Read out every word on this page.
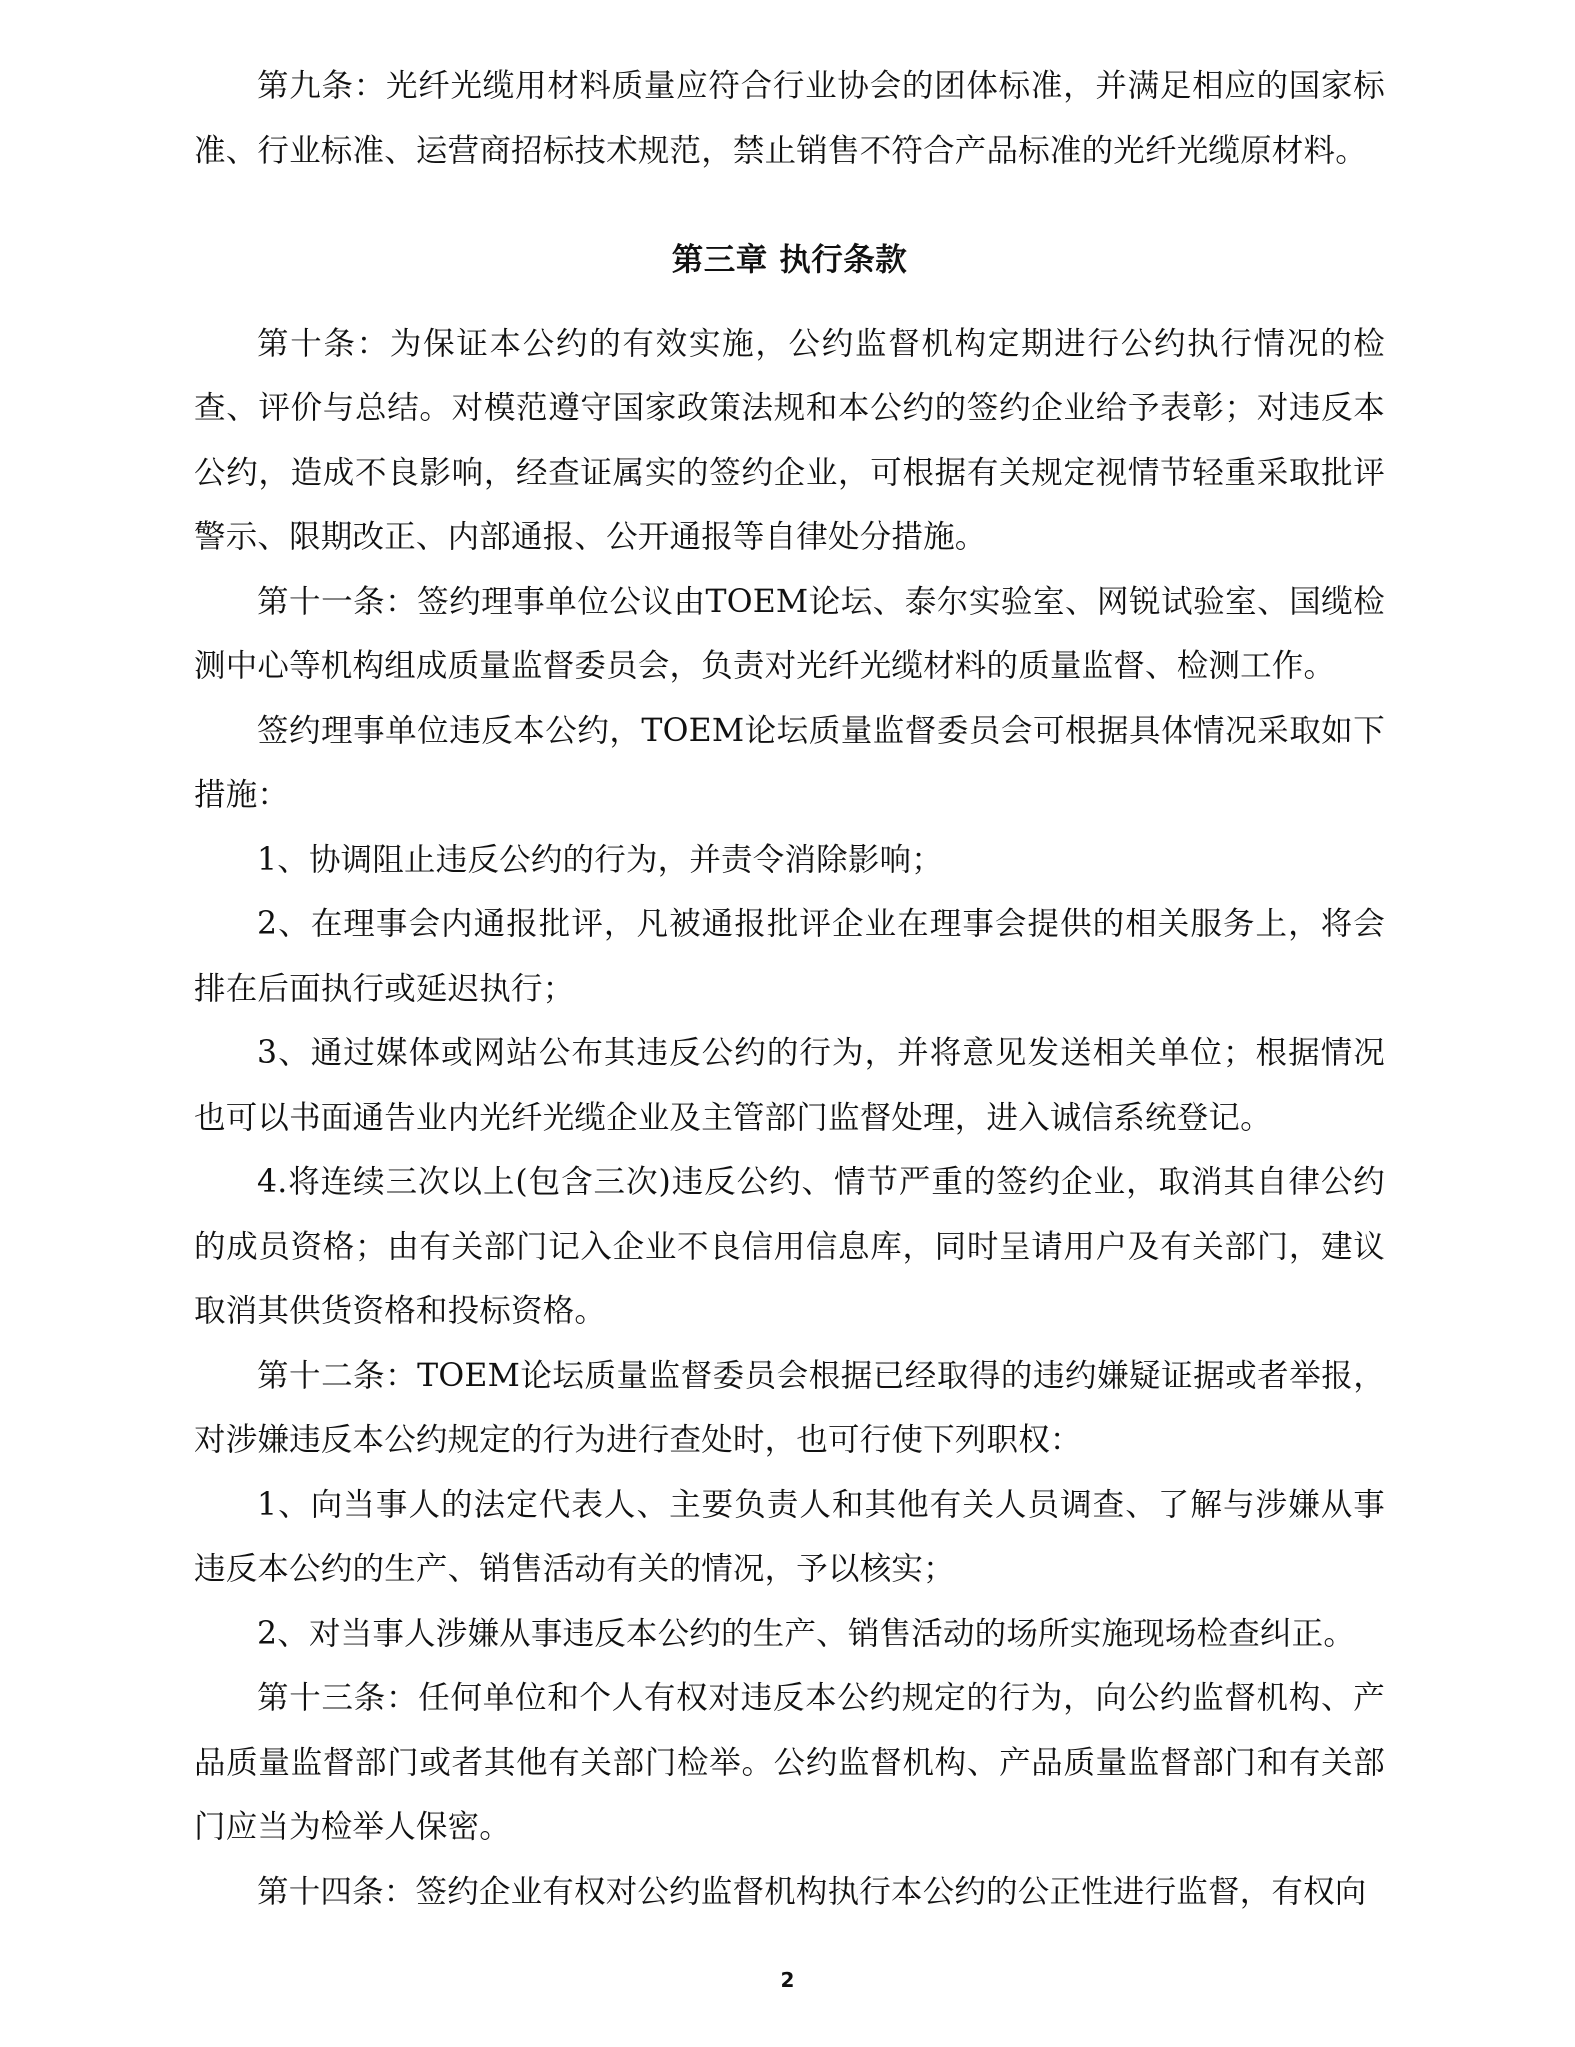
第九条：光纤光缆用材料质量应符合行业协会的团体标准，并满足相应的国家标准、行业标准、运营商招标技术规范，禁止销售不符合产品标准的光纤光缆原材料。

第三章 执行条款

第十条：为保证本公约的有效实施，公约监督机构定期进行公约执行情况的检查、评价与总结。对模范遵守国家政策法规和本公约的签约企业给予表彰；对违反本公约，造成不良影响，经查证属实的签约企业，可根据有关规定视情节轻重采取批评警示、限期改正、内部通报、公开通报等自律处分措施。

第十一条：签约理事单位公议由TOEM论坛、泰尔实验室、网锐试验室、国缆检测中心等机构组成质量监督委员会，负责对光纤光缆材料的质量监督、检测工作。

签约理事单位违反本公约，TOEM论坛质量监督委员会可根据具体情况采取如下措施：

1、协调阻止违反公约的行为，并责令消除影响；

2、在理事会内通报批评，凡被通报批评企业在理事会提供的相关服务上，将会排在后面执行或延迟执行；

3、通过媒体或网站公布其违反公约的行为，并将意见发送相关单位；根据情况也可以书面通告业内光纤光缆企业及主管部门监督处理，进入诚信系统登记。

4.将连续三次以上(包含三次)违反公约、情节严重的签约企业，取消其自律公约的成员资格；由有关部门记入企业不良信用信息库，同时呈请用户及有关部门，建议取消其供货资格和投标资格。

第十二条：TOEM论坛质量监督委员会根据已经取得的违约嫌疑证据或者举报，对涉嫌违反本公约规定的行为进行查处时，也可行使下列职权：

1、向当事人的法定代表人、主要负责人和其他有关人员调查、了解与涉嫌从事违反本公约的生产、销售活动有关的情况，予以核实；

2、对当事人涉嫌从事违反本公约的生产、销售活动的场所实施现场检查纠正。

第十三条：任何单位和个人有权对违反本公约规定的行为，向公约监督机构、产品质量监督部门或者其他有关部门检举。公约监督机构、产品质量监督部门和有关部门应当为检举人保密。

第十四条：签约企业有权对公约监督机构执行本公约的公正性进行监督，有权向

2
